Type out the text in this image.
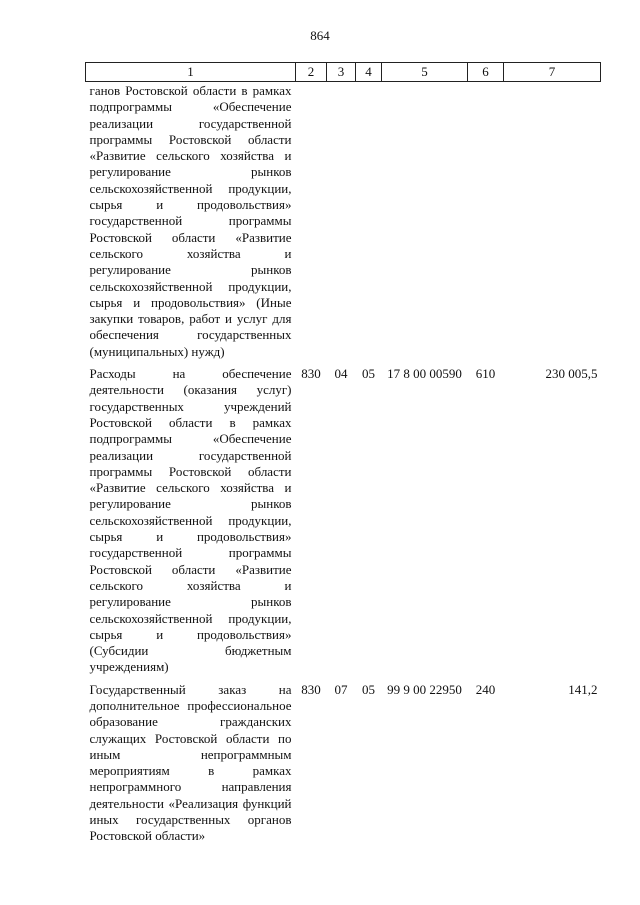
864
1	2	3	4	5	6	7
ганов Ростовской области в рамках подпрограммы «Обеспечение реализации государственной программы Ростовской области «Развитие сельского хозяйства и регулирование рынков сельскохозяйственной продукции, сырья и продовольствия» государственной программы Ростовской области «Развитие сельского хозяйства и регулирование рынков сельскохозяйственной продукции, сырья и продовольствия» (Иные закупки товаров, работ и услуг для обеспечения государственных (муниципальных) нужд)						
Расходы на обеспечение деятельности (оказания услуг) государственных учреждений Ростовской области в рамках подпрограммы «Обеспечение реализации государственной программы Ростовской области «Развитие сельского хозяйства и регулирование рынков сельскохозяйственной продукции, сырья и продовольствия» государственной программы Ростовской области «Развитие сельского хозяйства и регулирование рынков сельскохозяйственной продукции, сырья и продовольствия» (Субсидии бюджетным учреждениям)	830	04	05	17 8 00 00590	610	230 005,5
Государственный заказ на дополнительное профессиональное образование гражданских служащих Ростовской области по иным непрограммным мероприятиям в рамках непрограммного направления деятельности «Реализация функций иных государственных органов Ростовской области»	830	07	05	99 9 00 22950	240	141,2
